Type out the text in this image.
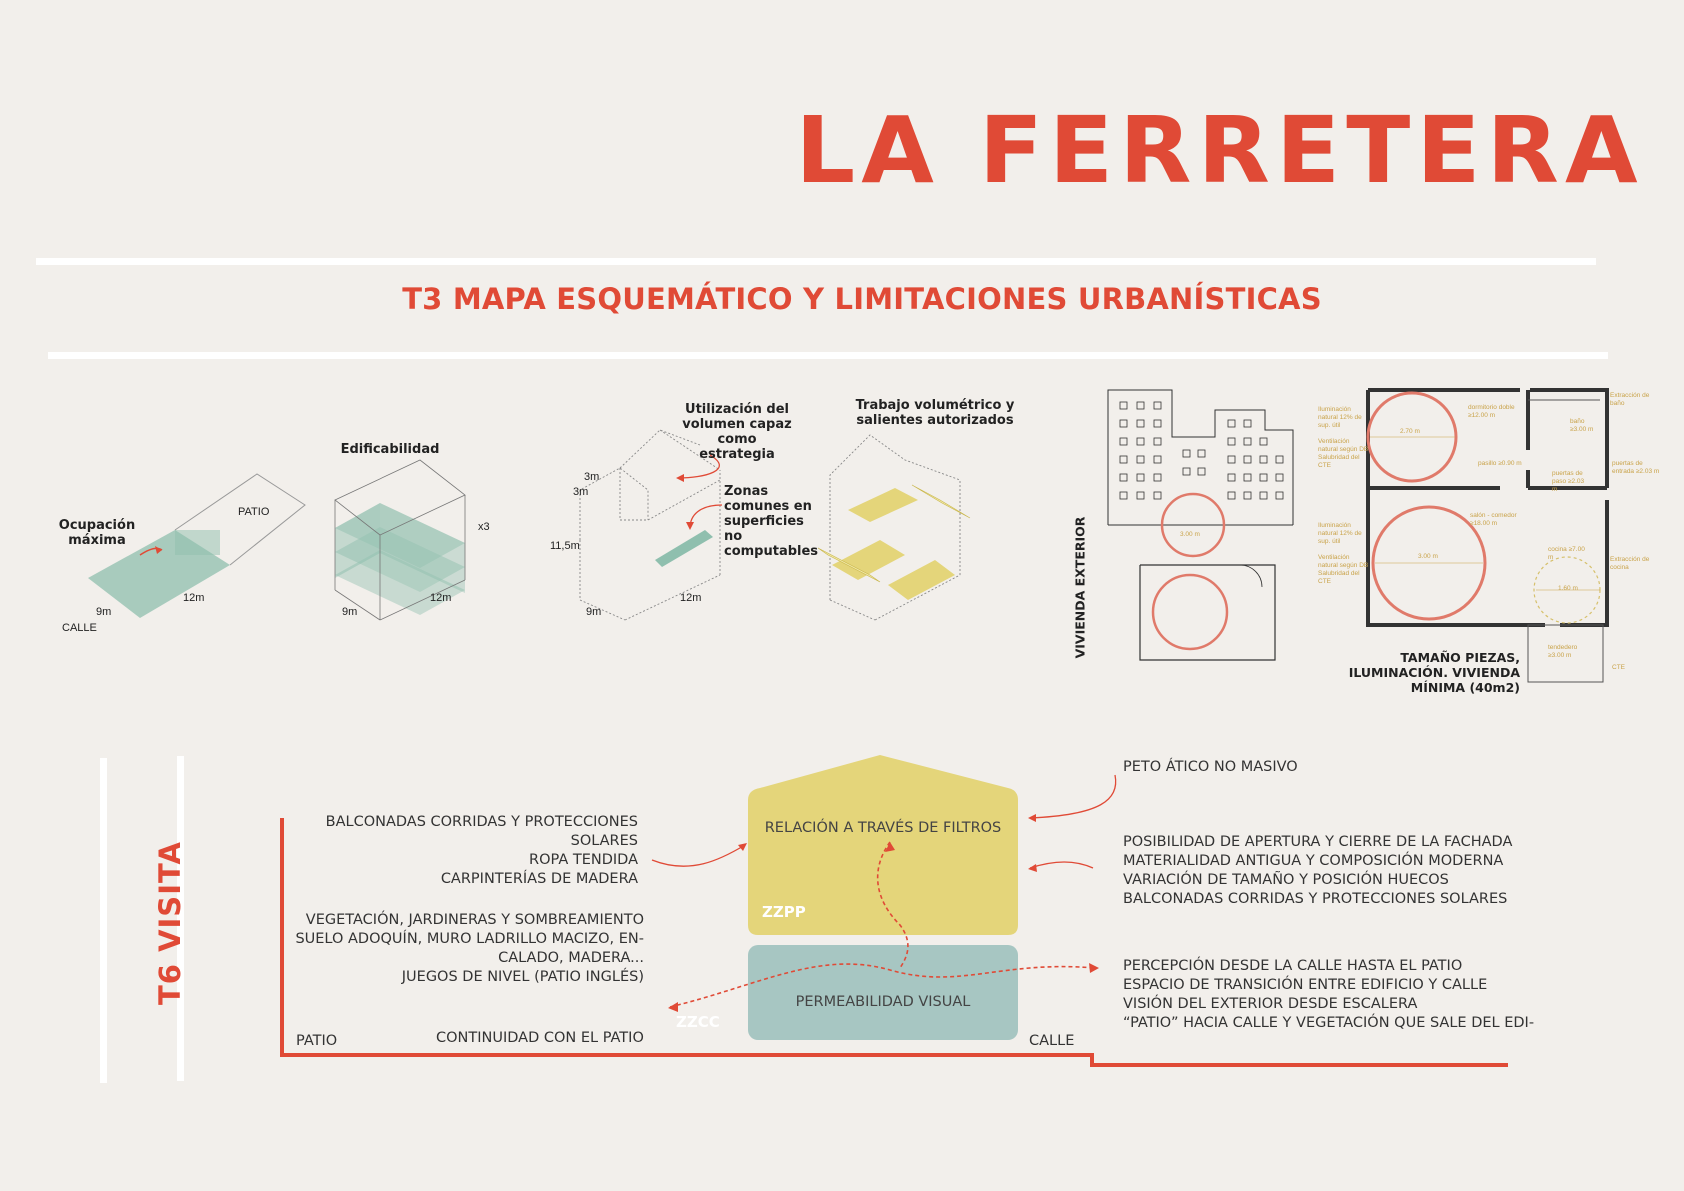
LA FERRETERA
T3 MAPA ESQUEMÁTICO Y LIMITACIONES URBANÍSTICAS
Ocupación máxima
PATIO
CALLE
9m
12m
Edificabilidad
x3
9m
12m
Utilización del volumen capaz como estrategia
Zonas comunes en superficies no computables
3m
3m
11,5m
9m
12m
Trabajo volumétrico y salientes autorizados
VIVIENDA EXTERIOR	TAMAÑO PIEZAS, ILUMINACIÓN. VIVIENDA MÍNIMA (40m2)
Iluminación natural 12% de sup. útil
Ventilación natural según DB Salubridad del CTE
Iluminación natural 12% de sup. útil
Ventilación natural según DB Salubridad del CTE
dormitorio doble ≥12.00 m
pasillo ≥0.90 m
salón - comedor ≥18.00 m
cocina ≥7.00 m
baño ≥3.00 m
puertas de paso ≥2.03 m
puertas de entrada ≥2.03 m
tendedero ≥3.00 m
Extracción de baño
Extracción de cocina
CTE
2.70 m
3.00 m
1.60 m
3.00 m
T6 VISITA
RELACIÓN A TRAVÉS DE FILTROS
ZZPP
PERMEABILIDAD VISUAL
ZZCC
BALCONADAS CORRIDAS Y PROTECCIONES
SOLARES
ROPA TENDIDA
CARPINTERÍAS DE MADERA
VEGETACIÓN, JARDINERAS Y SOMBREAMIENTO
SUELO ADOQUÍN, MURO LADRILLO MACIZO, EN-
CALADO, MADERA...
JUEGOS DE NIVEL (PATIO INGLÉS)
CONTINUIDAD CON EL PATIO
PATIO	CALLE
PETO ÁTICO NO MASIVO
POSIBILIDAD DE APERTURA Y CIERRE DE LA FACHADA
MATERIALIDAD ANTIGUA Y COMPOSICIÓN MODERNA
VARIACIÓN DE TAMAÑO Y POSICIÓN HUECOS
BALCONADAS CORRIDAS Y PROTECCIONES SOLARES
PERCEPCIÓN DESDE LA CALLE HASTA EL PATIO
ESPACIO DE TRANSICIÓN ENTRE EDIFICIO Y CALLE
VISIÓN DEL EXTERIOR DESDE ESCALERA
“PATIO” HACIA CALLE Y VEGETACIÓN QUE SALE DEL EDI-
